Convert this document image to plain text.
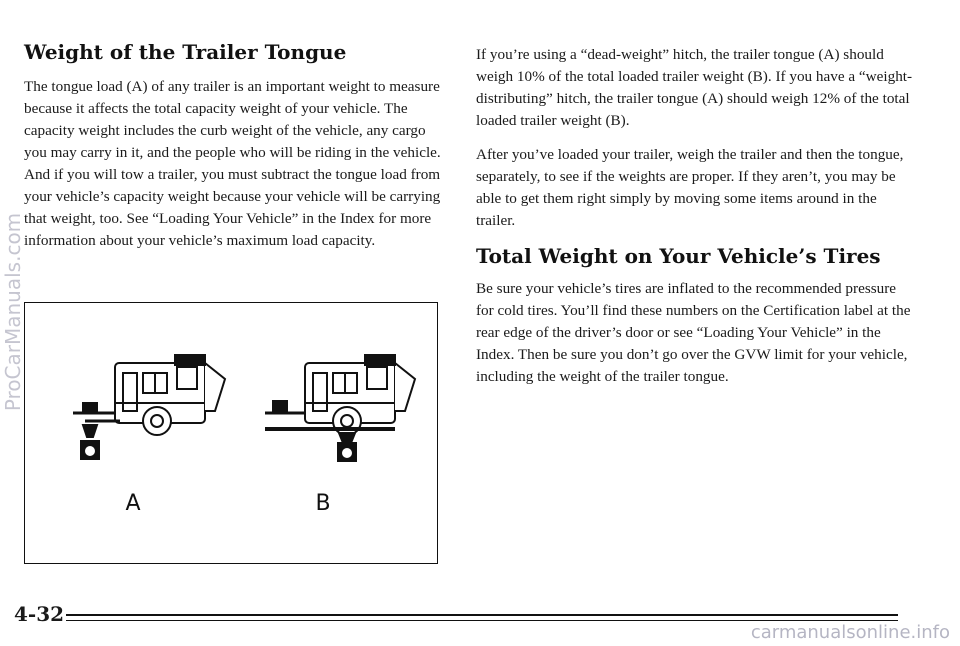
Weight of the Trailer Tongue

The tongue load (A) of any trailer is an important weight to measure because it affects the total capacity weight of your vehicle. The capacity weight includes the curb weight of the vehicle, any cargo you may carry in it, and the people who will be riding in the vehicle. And if you will tow a trailer, you must subtract the tongue load from your vehicle’s capacity weight because your vehicle will be carrying that weight, too. See “Loading Your Vehicle” in the Index for more information about your vehicle’s maximum load capacity.

A	B

If you’re using a “dead-weight” hitch, the trailer tongue (A) should weigh 10% of the total loaded trailer weight (B). If you have a “weight-distributing” hitch, the trailer tongue (A) should weigh 12% of the total loaded trailer weight (B).

After you’ve loaded your trailer, weigh the trailer and then the tongue, separately, to see if the weights are proper. If they aren’t, you may be able to get them right simply by moving some items around in the trailer.

Total Weight on Your Vehicle’s Tires

Be sure your vehicle’s tires are inflated to the recommended pressure for cold tires. You’ll find these numbers on the Certification label at the rear edge of the driver’s door or see “Loading Your Vehicle” in the Index. Then be sure you don’t go over the GVW limit for your vehicle, including the weight of the trailer tongue.

4-32
ProCarManuals.com
carmanualsonline.info
